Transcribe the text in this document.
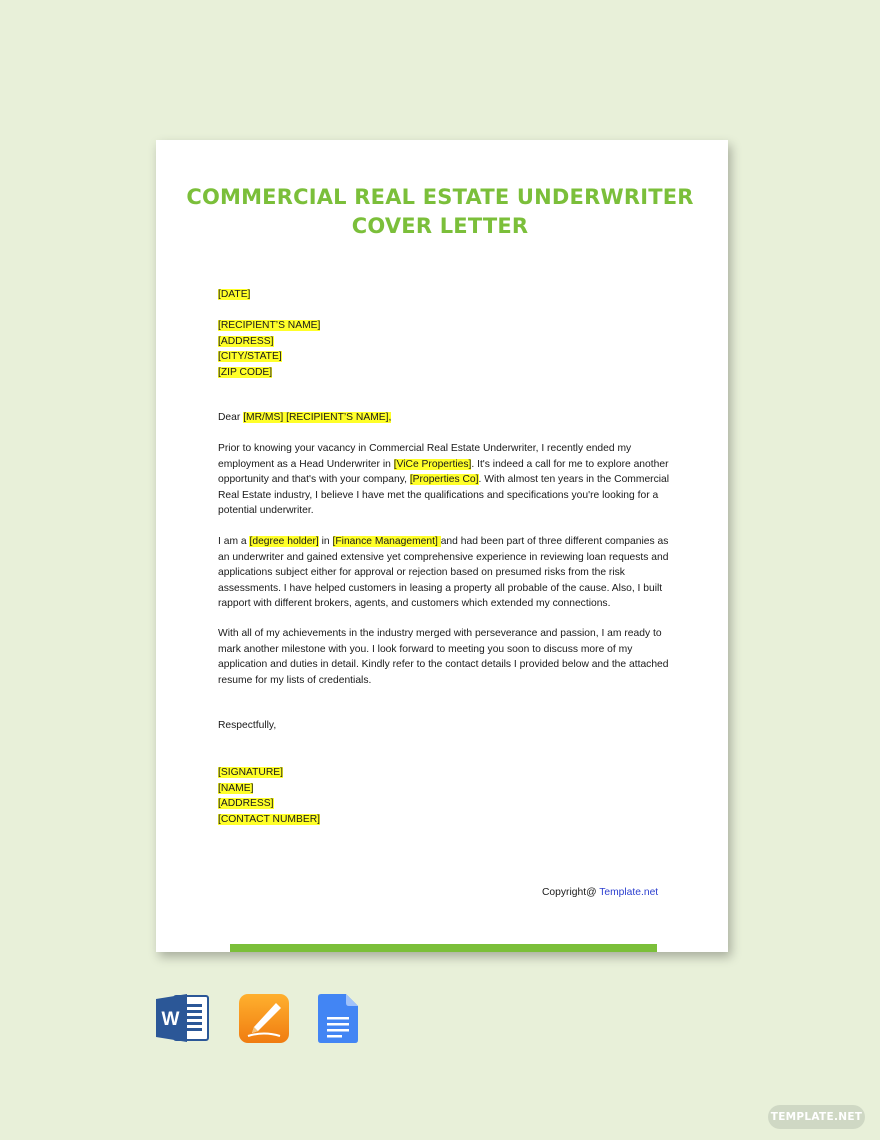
COMMERCIAL REAL ESTATE UNDERWRITER
COVER LETTER

[DATE]

[RECIPIENT’S NAME]

[ADDRESS]

[CITY/STATE]

[ZIP CODE]

Dear [MR/MS] [RECIPIENT’S NAME],

Prior to knowing your vacancy in Commercial Real Estate Underwriter, I recently ended my employment as a Head Underwriter in [ViCe Properties]. It's indeed a call for me to explore another opportunity and that's with your company, [Properties Co]. With almost ten years in the Commercial Real Estate industry, I believe I have met the qualifications and specifications you're looking for a potential underwriter.

I am a [degree holder] in [Finance Management] and had been part of three different companies as an underwriter and gained extensive yet comprehensive experience in reviewing loan requests and applications subject either for approval or rejection based on presumed risks from the risk assessments. I have helped customers in leasing a property all probable of the cause. Also, I built rapport with different brokers, agents, and customers which extended my connections.

With all of my achievements in the industry merged with perseverance and passion, I am ready to mark another milestone with you. I look forward to meeting you soon to discuss more of my application and duties in detail. Kindly refer to the contact details I provided below and the attached resume for my lists of credentials.

Respectfully,

[SIGNATURE]

[NAME]

[ADDRESS]

[CONTACT NUMBER]

Copyright@ Template.net
W
TEMPLATE.NET
